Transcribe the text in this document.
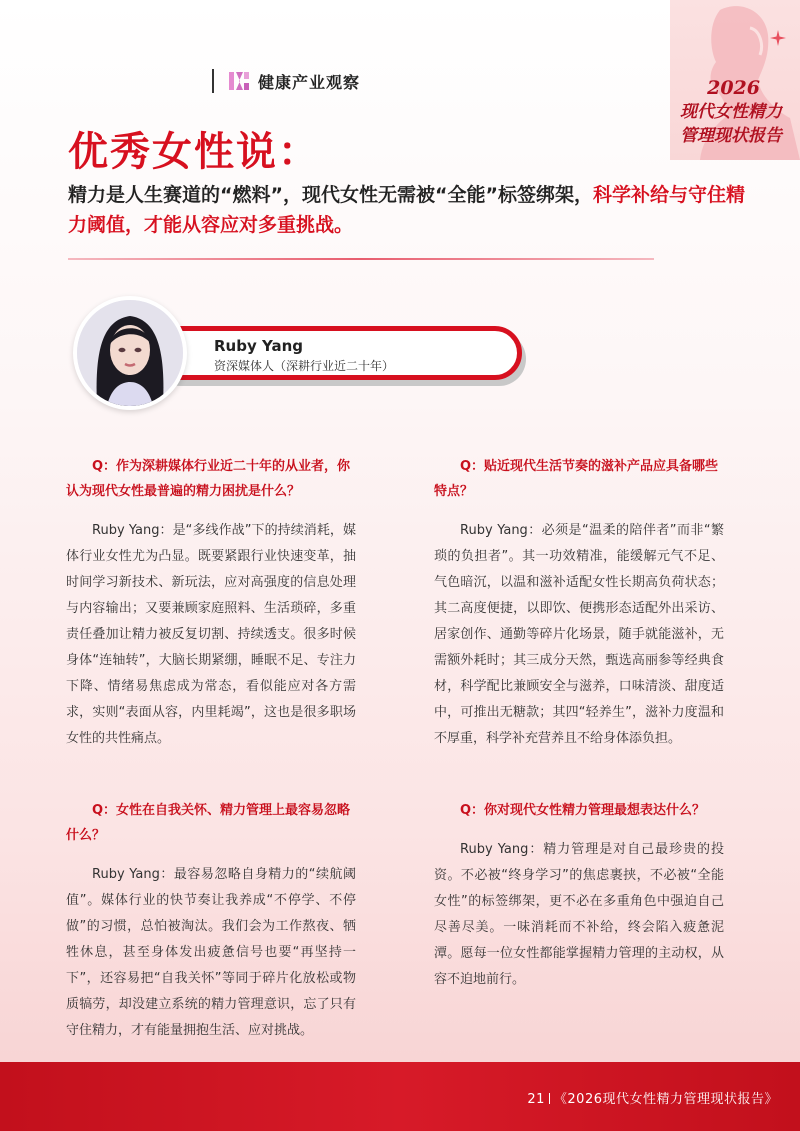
健康产业观察	2026
现代女性精力
管理现状报告
优秀女性说：

精力是人生赛道的“燃料”，现代女性无需被“全能”标签绑架，科学补给与守住精力阈值，才能从容应对多重挑战。

Ruby Yang
资深媒体人（深耕行业近二十年）

Q：作为深耕媒体行业近二十年的从业者，你认为现代女性最普遍的精力困扰是什么？

Ruby Yang：是“多线作战”下的持续消耗，媒体行业女性尤为凸显。既要紧跟行业快速变革，抽时间学习新技术、新玩法，应对高强度的信息处理与内容输出；又要兼顾家庭照料、生活琐碎，多重责任叠加让精力被反复切割、持续透支。很多时候身体“连轴转”，大脑长期紧绷，睡眠不足、专注力下降、情绪易焦虑成为常态，看似能应对各方需求，实则“表面从容，内里耗竭”，这也是很多职场女性的共性痛点。

Q：贴近现代生活节奏的滋补产品应具备哪些特点？

Ruby Yang：必须是“温柔的陪伴者”而非“繁琐的负担者”。其一功效精准，能缓解元气不足、气色暗沉，以温和滋补适配女性长期高负荷状态；其二高度便捷，以即饮、便携形态适配外出采访、居家创作、通勤等碎片化场景，随手就能滋补，无需额外耗时；其三成分天然，甄选高丽参等经典食材，科学配比兼顾安全与滋养，口味清淡、甜度适中，可推出无糖款；其四“轻养生”，滋补力度温和不厚重，科学补充营养且不给身体添负担。

Q：女性在自我关怀、精力管理上最容易忽略什么？

Ruby Yang：最容易忽略自身精力的“续航阈值”。媒体行业的快节奏让我养成“不停学、不停做”的习惯，总怕被淘汰。我们会为工作熬夜、牺牲休息，甚至身体发出疲惫信号也要“再坚持一下”，还容易把“自我关怀”等同于碎片化放松或物质犒劳，却没建立系统的精力管理意识，忘了只有守住精力，才有能量拥抱生活、应对挑战。

Q：你对现代女性精力管理最想表达什么？

Ruby Yang：精力管理是对自己最珍贵的投资。不必被“终身学习”的焦虑裹挟，不必被“全能女性”的标签绑架，更不必在多重角色中强迫自己尽善尽美。一味消耗而不补给，终会陷入疲惫泥潭。愿每一位女性都能掌握精力管理的主动权，从容不迫地前行。

21 《2026现代女性精力管理现状报告》
